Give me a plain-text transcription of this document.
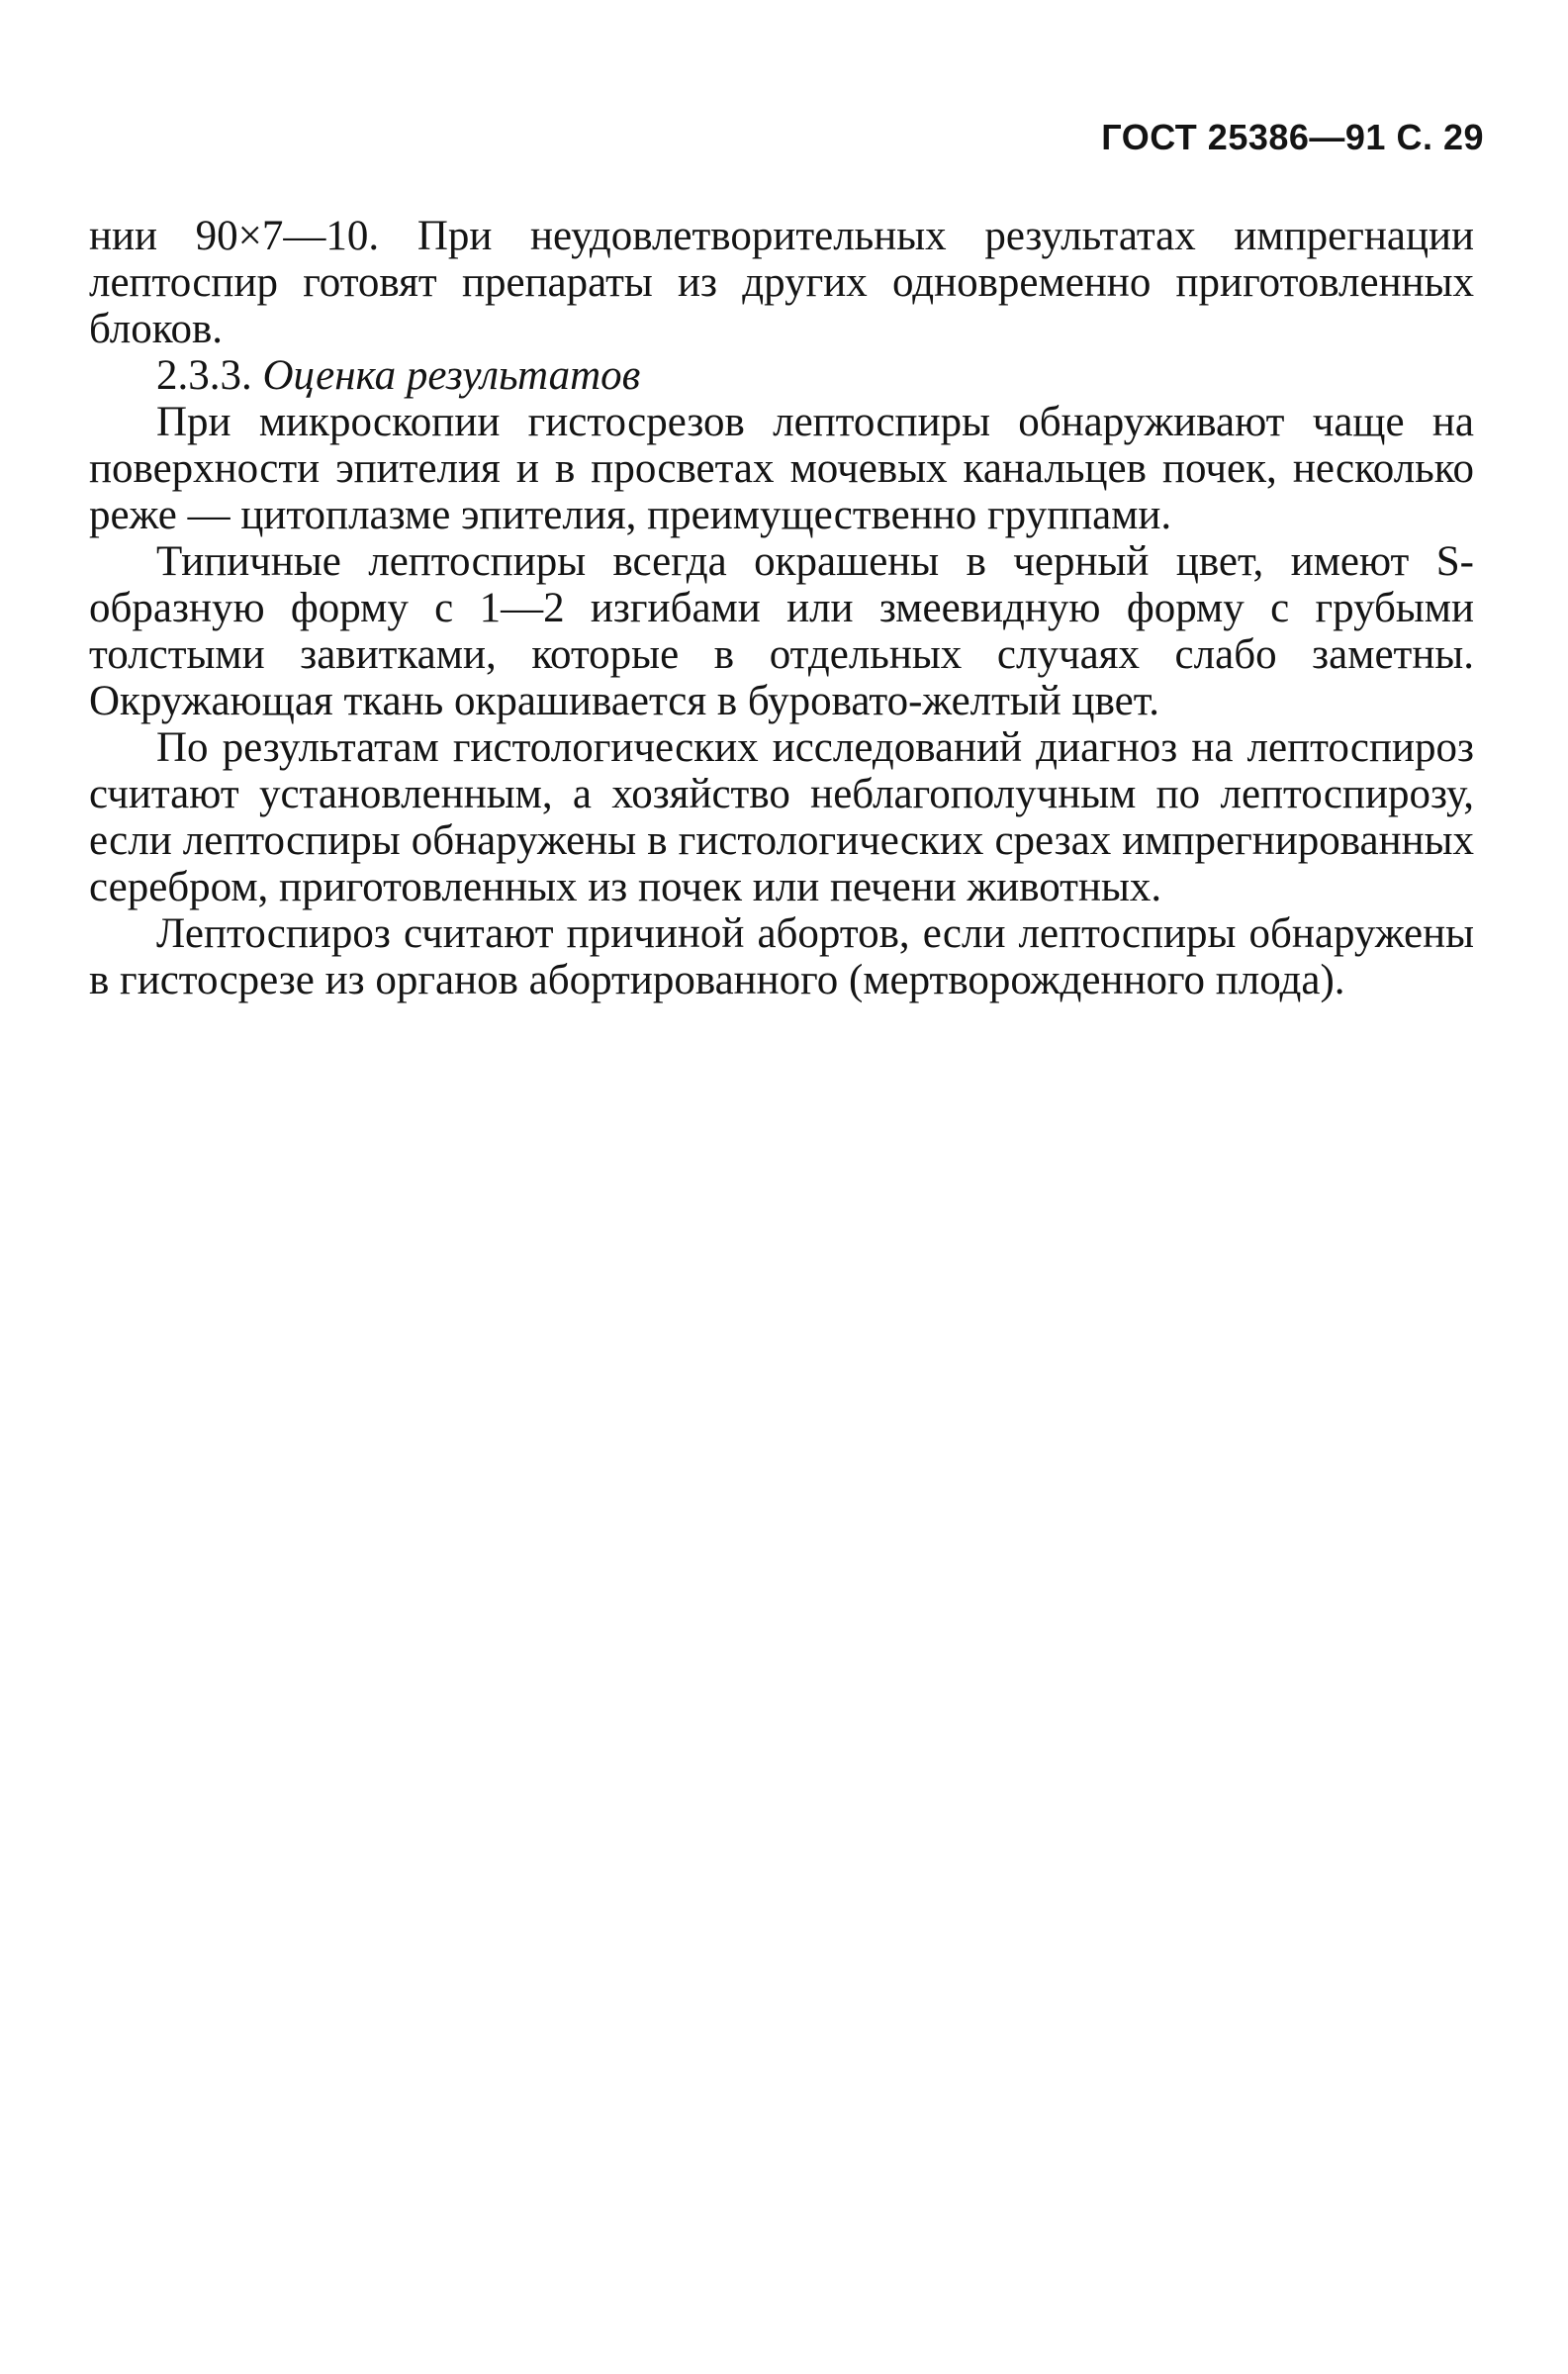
ГОСТ 25386—91 С. 29

нии 90×7—10. При неудовлетворительных результатах импрегнации лептоспир готовят препараты из других одновременно приготовленных блоков.

2.3.3. Оценка результатов

При микроскопии гистосрезов лептоспиры обнаруживают чаще на поверхности эпителия и в просветах мочевых канальцев почек, несколько реже — цитоплазме эпителия, преимущественно группами.

Типичные лептоспиры всегда окрашены в черный цвет, имеют S-образную форму с 1—2 изгибами или змеевидную форму с грубыми толстыми завитками, которые в отдельных случаях слабо заметны. Окружающая ткань окрашивается в буровато-желтый цвет.

По результатам гистологических исследований диагноз на лептоспироз считают установленным, а хозяйство неблагополучным по лептоспирозу, если лептоспиры обнаружены в гистологических срезах импрегнированных серебром, приготовленных из почек или печени животных.

Лептоспироз считают причиной абортов, если лептоспиры обнаружены в гистосрезе из органов абортированного (мертворожденного плода).
